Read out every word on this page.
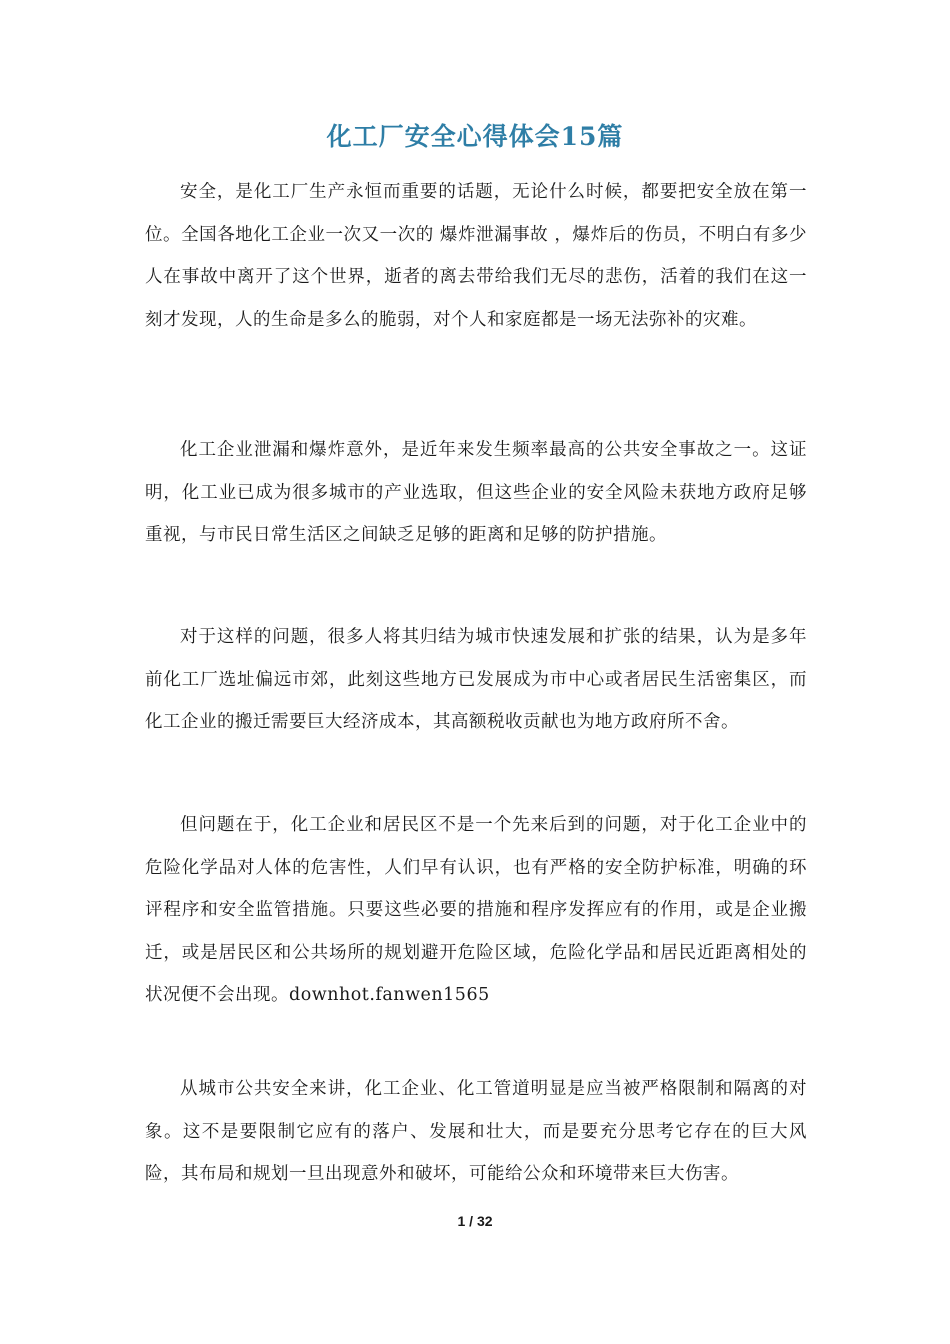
化工厂安全心得体会15篇

安全，是化工厂生产永恒而重要的话题，无论什么时候，都要把安全放在第一位。全国各地化工企业一次又一次的 爆炸泄漏事故 ，爆炸后的伤员，不明白有多少人在事故中离开了这个世界，逝者的离去带给我们无尽的悲伤，活着的我们在这一刻才发现，人的生命是多么的脆弱，对个人和家庭都是一场无法弥补的灾难。

化工企业泄漏和爆炸意外，是近年来发生频率最高的公共安全事故之一。这证明，化工业已成为很多城市的产业选取，但这些企业的安全风险未获地方政府足够重视，与市民日常生活区之间缺乏足够的距离和足够的防护措施。

对于这样的问题，很多人将其归结为城市快速发展和扩张的结果，认为是多年前化工厂选址偏远市郊，此刻这些地方已发展成为市中心或者居民生活密集区，而化工企业的搬迁需要巨大经济成本，其高额税收贡献也为地方政府所不舍。

但问题在于，化工企业和居民区不是一个先来后到的问题，对于化工企业中的危险化学品对人体的危害性，人们早有认识，也有严格的安全防护标准，明确的环评程序和安全监管措施。只要这些必要的措施和程序发挥应有的作用，或是企业搬迁，或是居民区和公共场所的规划避开危险区域，危险化学品和居民近距离相处的状况便不会出现。downhot.fanwen1565

从城市公共安全来讲，化工企业、化工管道明显是应当被严格限制和隔离的对象。这不是要限制它应有的落户、发展和壮大，而是要充分思考它存在的巨大风险，其布局和规划一旦出现意外和破坏，可能给公众和环境带来巨大伤害。

1 / 32
